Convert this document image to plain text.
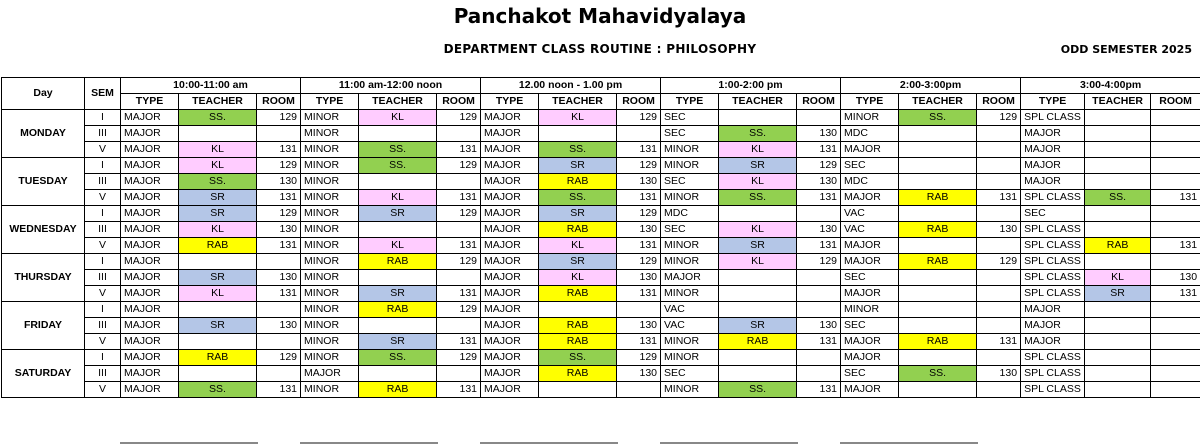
Panchakot Mahavidyalaya
DEPARTMENT CLASS ROUTINE : PHILOSOPHY	ODD SEMESTER 2025
Day	SEM	10:00-11:00 am			11:00 am-12:00 noon			12.00 noon - 1.00 pm			1:00-2:00 pm			2:00-3:00pm			3:00-4:00pm		
		TYPE	TEACHER	ROOM	TYPE	TEACHER	ROOM	TYPE	TEACHER	ROOM	TYPE	TEACHER	ROOM	TYPE	TEACHER	ROOM	TYPE	TEACHER	ROOM
MONDAY	I	MAJOR	SS.	129	MINOR	KL	129	MAJOR	KL	129	SEC			MINOR	SS.	129	SPL CLASS		
	III	MAJOR			MINOR			MAJOR			SEC	SS.	130	MDC			MAJOR		
	V	MAJOR	KL	131	MINOR	SS.	131	MAJOR	SS.	131	MINOR	KL	131	MAJOR			MAJOR		
TUESDAY	I	MAJOR	KL	129	MINOR	SS.	129	MAJOR	SR	129	MINOR	SR	129	SEC			MAJOR		
	III	MAJOR	SS.	130	MINOR			MAJOR	RAB	130	SEC	KL	130	MDC			MAJOR		
	V	MAJOR	SR	131	MINOR	KL	131	MAJOR	SS.	131	MINOR	SS.	131	MAJOR	RAB	131	SPL CLASS	SS.	131
WEDNESDAY	I	MAJOR	SR	129	MINOR	SR	129	MAJOR	SR	129	MDC			VAC			SEC		
	III	MAJOR	KL	130	MINOR			MAJOR	RAB	130	SEC	KL	130	VAC	RAB	130	SPL CLASS		
	V	MAJOR	RAB	131	MINOR	KL	131	MAJOR	KL	131	MINOR	SR	131	MAJOR			SPL CLASS	RAB	131
THURSDAY	I	MAJOR			MINOR	RAB	129	MAJOR	SR	129	MINOR	KL	129	MAJOR	RAB	129	SPL CLASS		
	III	MAJOR	SR	130	MINOR			MAJOR	KL	130	MAJOR			SEC			SPL CLASS	KL	130
	V	MAJOR	KL	131	MINOR	SR	131	MAJOR	RAB	131	MINOR			MAJOR			SPL CLASS	SR	131
FRIDAY	I	MAJOR			MINOR	RAB	129	MAJOR			VAC			MINOR			MAJOR		
	III	MAJOR	SR	130	MINOR			MAJOR	RAB	130	VAC	SR	130	SEC			MAJOR		
	V	MAJOR			MINOR	SR	131	MAJOR	RAB	131	MINOR	RAB	131	MAJOR	RAB	131	MAJOR		
SATURDAY	I	MAJOR	RAB	129	MINOR	SS.	129	MAJOR	SS.	129	MINOR			MAJOR			SPL CLASS		
	III	MAJOR			MAJOR			MAJOR	RAB	130	SEC			SEC	SS.	130	SPL CLASS		
	V	MAJOR	SS.	131	MINOR	RAB	131	MAJOR			MINOR	SS.	131	MAJOR			SPL CLASS		
